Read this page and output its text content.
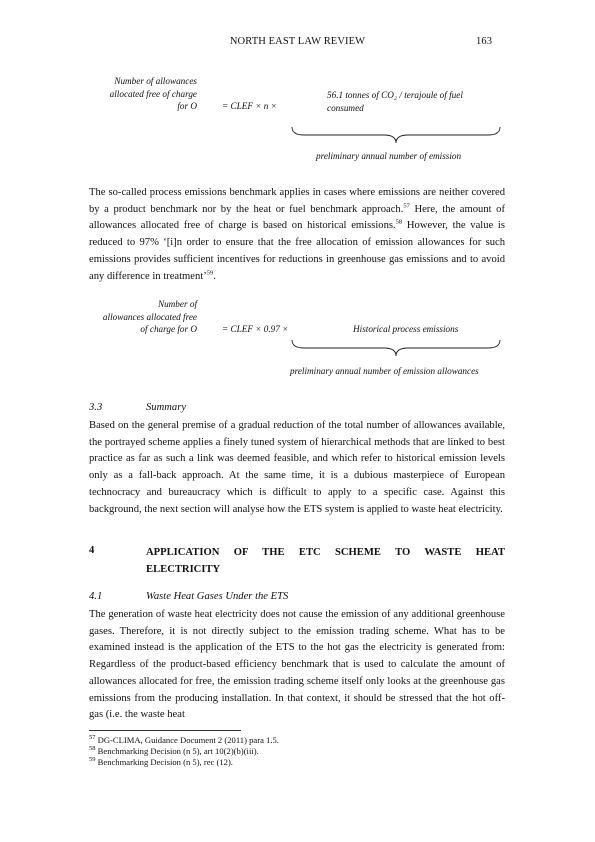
NORTH EAST LAW REVIEW	163
Number of allowances
allocated free of charge
for O	= CLEF × n ×
56.1 tonnes of CO₂ / terajoule of fuel
consumed
preliminary annual number of emission
The so-called process emissions benchmark applies in cases where emissions are neither covered by a product benchmark nor by the heat or fuel benchmark approach.$^{57}$ Here, the amount of allowances allocated free of charge is based on historical emissions.$^{58}$ However, the value is reduced to 97% ‘[i]n order to ensure that the free allocation of emission allowances for such emissions provides sufficient incentives for reductions in greenhouse gas emissions and to avoid any difference in treatment’$^{59}$.
Number of
allowances allocated free
of charge for O	= CLEF × 0.97 ×	Historical process emissions
preliminary annual number of emission allowances
3.3	Summary
Based on the general premise of a gradual reduction of the total number of allowances available, the portrayed scheme applies a finely tuned system of hierarchical methods that are linked to best practice as far as such a link was deemed feasible, and which refer to historical emission levels only as a fall-back approach. At the same time, it is a dubious masterpiece of European technocracy and bureaucracy which is difficult to apply to a specific case. Against this background, the next section will analyse how the ETS system is applied to waste heat electricity.
4	APPLICATION OF THE ETC SCHEME TO WASTE HEAT
ELECTRICITY
4.1	Waste Heat Gases Under the ETS
The generation of waste heat electricity does not cause the emission of any additional greenhouse gases. Therefore, it is not directly subject to the emission trading scheme. What has to be examined instead is the application of the ETS to the hot gas the electricity is generated from: Regardless of the product-based efficiency benchmark that is used to calculate the amount of allowances allocated for free, the emission trading scheme itself only looks at the greenhouse gas emissions from the producing installation. In that context, it should be stressed that the hot off-gas (i.e. the waste heat
$^{57}$ DG-CLIMA, Guidance Document 2 (2011) para 1.5.
$^{58}$ Benchmarking Decision (n 5), art 10(2)(b)(iii).
$^{59}$ Benchmarking Decision (n 5), rec (12).
